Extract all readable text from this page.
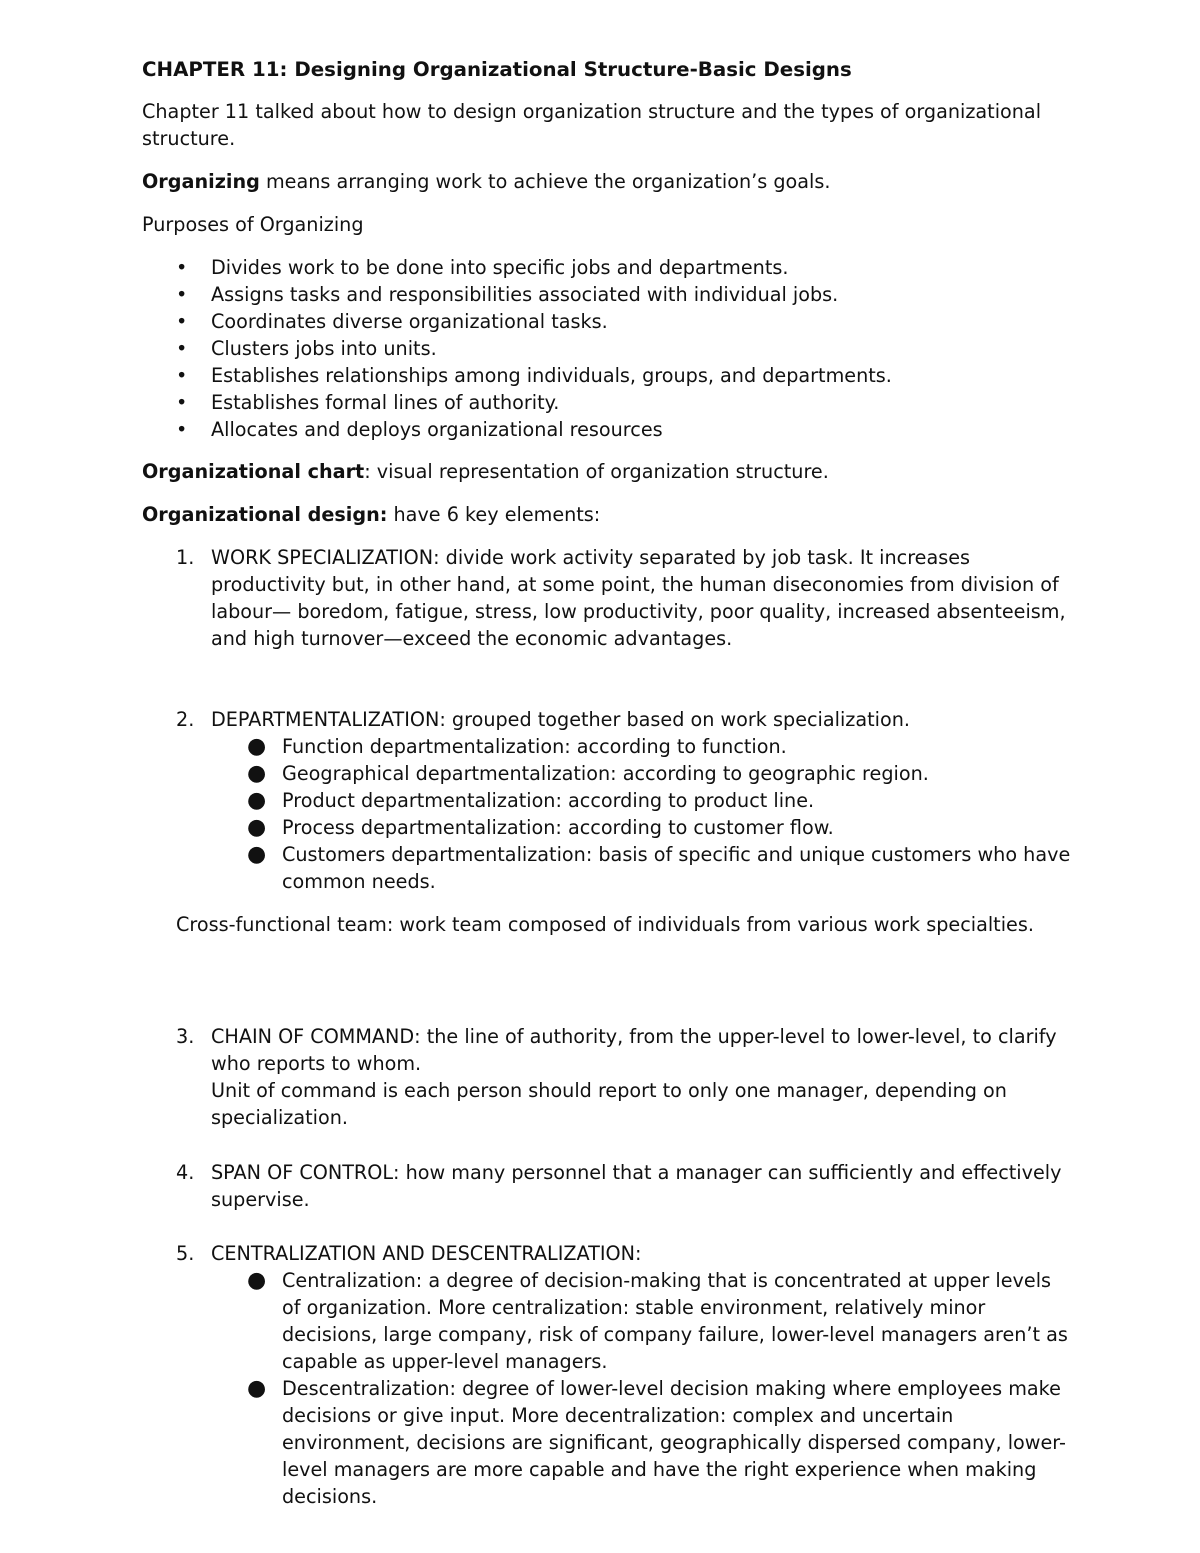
CHAPTER 11: Designing Organizational Structure-Basic Designs

Chapter 11 talked about how to design organization structure and the types of organizational structure.

Organizing means arranging work to achieve the organization’s goals.

Purposes of Organizing

• Divides work to be done into specific jobs and departments.
• Assigns tasks and responsibilities associated with individual jobs.
• Coordinates diverse organizational tasks.
• Clusters jobs into units.
• Establishes relationships among individuals, groups, and departments.
• Establishes formal lines of authority.
• Allocates and deploys organizational resources

Organizational chart: visual representation of organization structure.

Organizational design: have 6 key elements:

1. WORK SPECIALIZATION: divide work activity separated by job task. It increases productivity but, in other hand, at some point, the human diseconomies from division of labour— boredom, fatigue, stress, low productivity, poor quality, increased absenteeism, and high turnover—exceed the economic advantages.
2. DEPARTMENTALIZATION: grouped together based on work specialization.
● Function departmentalization: according to function.
● Geographical departmentalization: according to geographic region.
● Product departmentalization: according to product line.
● Process departmentalization: according to customer flow.
● Customers departmentalization: basis of specific and unique customers who have common needs.

Cross-functional team: work team composed of individuals from various work specialties.

3. CHAIN OF COMMAND: the line of authority, from the upper-level to lower-level, to clarify who reports to whom.
Unit of command is each person should report to only one manager, depending on specialization.
4. SPAN OF CONTROL: how many personnel that a manager can sufficiently and effectively supervise.
5. CENTRALIZATION AND DESCENTRALIZATION:
● Centralization: a degree of decision-making that is concentrated at upper levels of organization. More centralization: stable environment, relatively minor decisions, large company, risk of company failure, lower-level managers aren’t as capable as upper-level managers.
● Descentralization: degree of lower-level decision making where employees make decisions or give input. More decentralization: complex and uncertain environment, decisions are significant, geographically dispersed company, lower-level managers are more capable and have the right experience when making decisions.
